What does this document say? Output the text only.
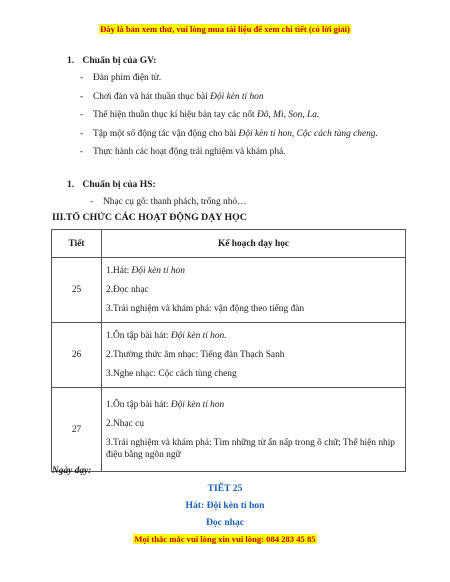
Đây là bản xem thử, vui lòng mua tài liệu để xem chi tiết (có lời giải)
1. Chuẩn bị của GV:
- Đàn phím điện tử.
- Chơi đàn và hát thuần thục bài Đội kèn tí hon
- Thể hiện thuần thục kí hiệu bàn tay các nốt Đô, Mi, Son, La.
- Tập một số động tác vận động cho bài Đội kèn tí hon, Cộc cách tùng cheng.
- Thực hành các hoạt động trải nghiệm và khám phá.
1. Chuẩn bị của HS:
- Nhạc cụ gõ: thanh phách, trống nhỏ…
III.TỔ CHỨC CÁC HOẠT ĐỘNG DẠY HỌC
Tiết	Kế hoạch dạy học
25	1.Hát: Đội kèn tí hon
2.Đọc nhạc
3.Trải nghiệm và khám phá: vận động theo tiếng đàn

26	1.Ôn tập bài hát: Đội kèn tí hon.
2.Thường thức âm nhạc: Tiếng đàn Thạch Sanh
3.Nghe nhạc: Cộc cách tùng cheng

27	1.Ôn tập bài hát: Đội kèn tí hon
2.Nhạc cụ
3.Trải nghiệm và khám phá: Tìm những từ ẩn nấp trong ô chữ; Thể hiện nhịp điệu bằng ngôn ngữ
Ngày dạy:
TIẾT 25
Hát: Đội kèn tí hon
Đọc nhạc
Mọi thắc mắc vui lòng xin vui lòng: 084 283 45 85
